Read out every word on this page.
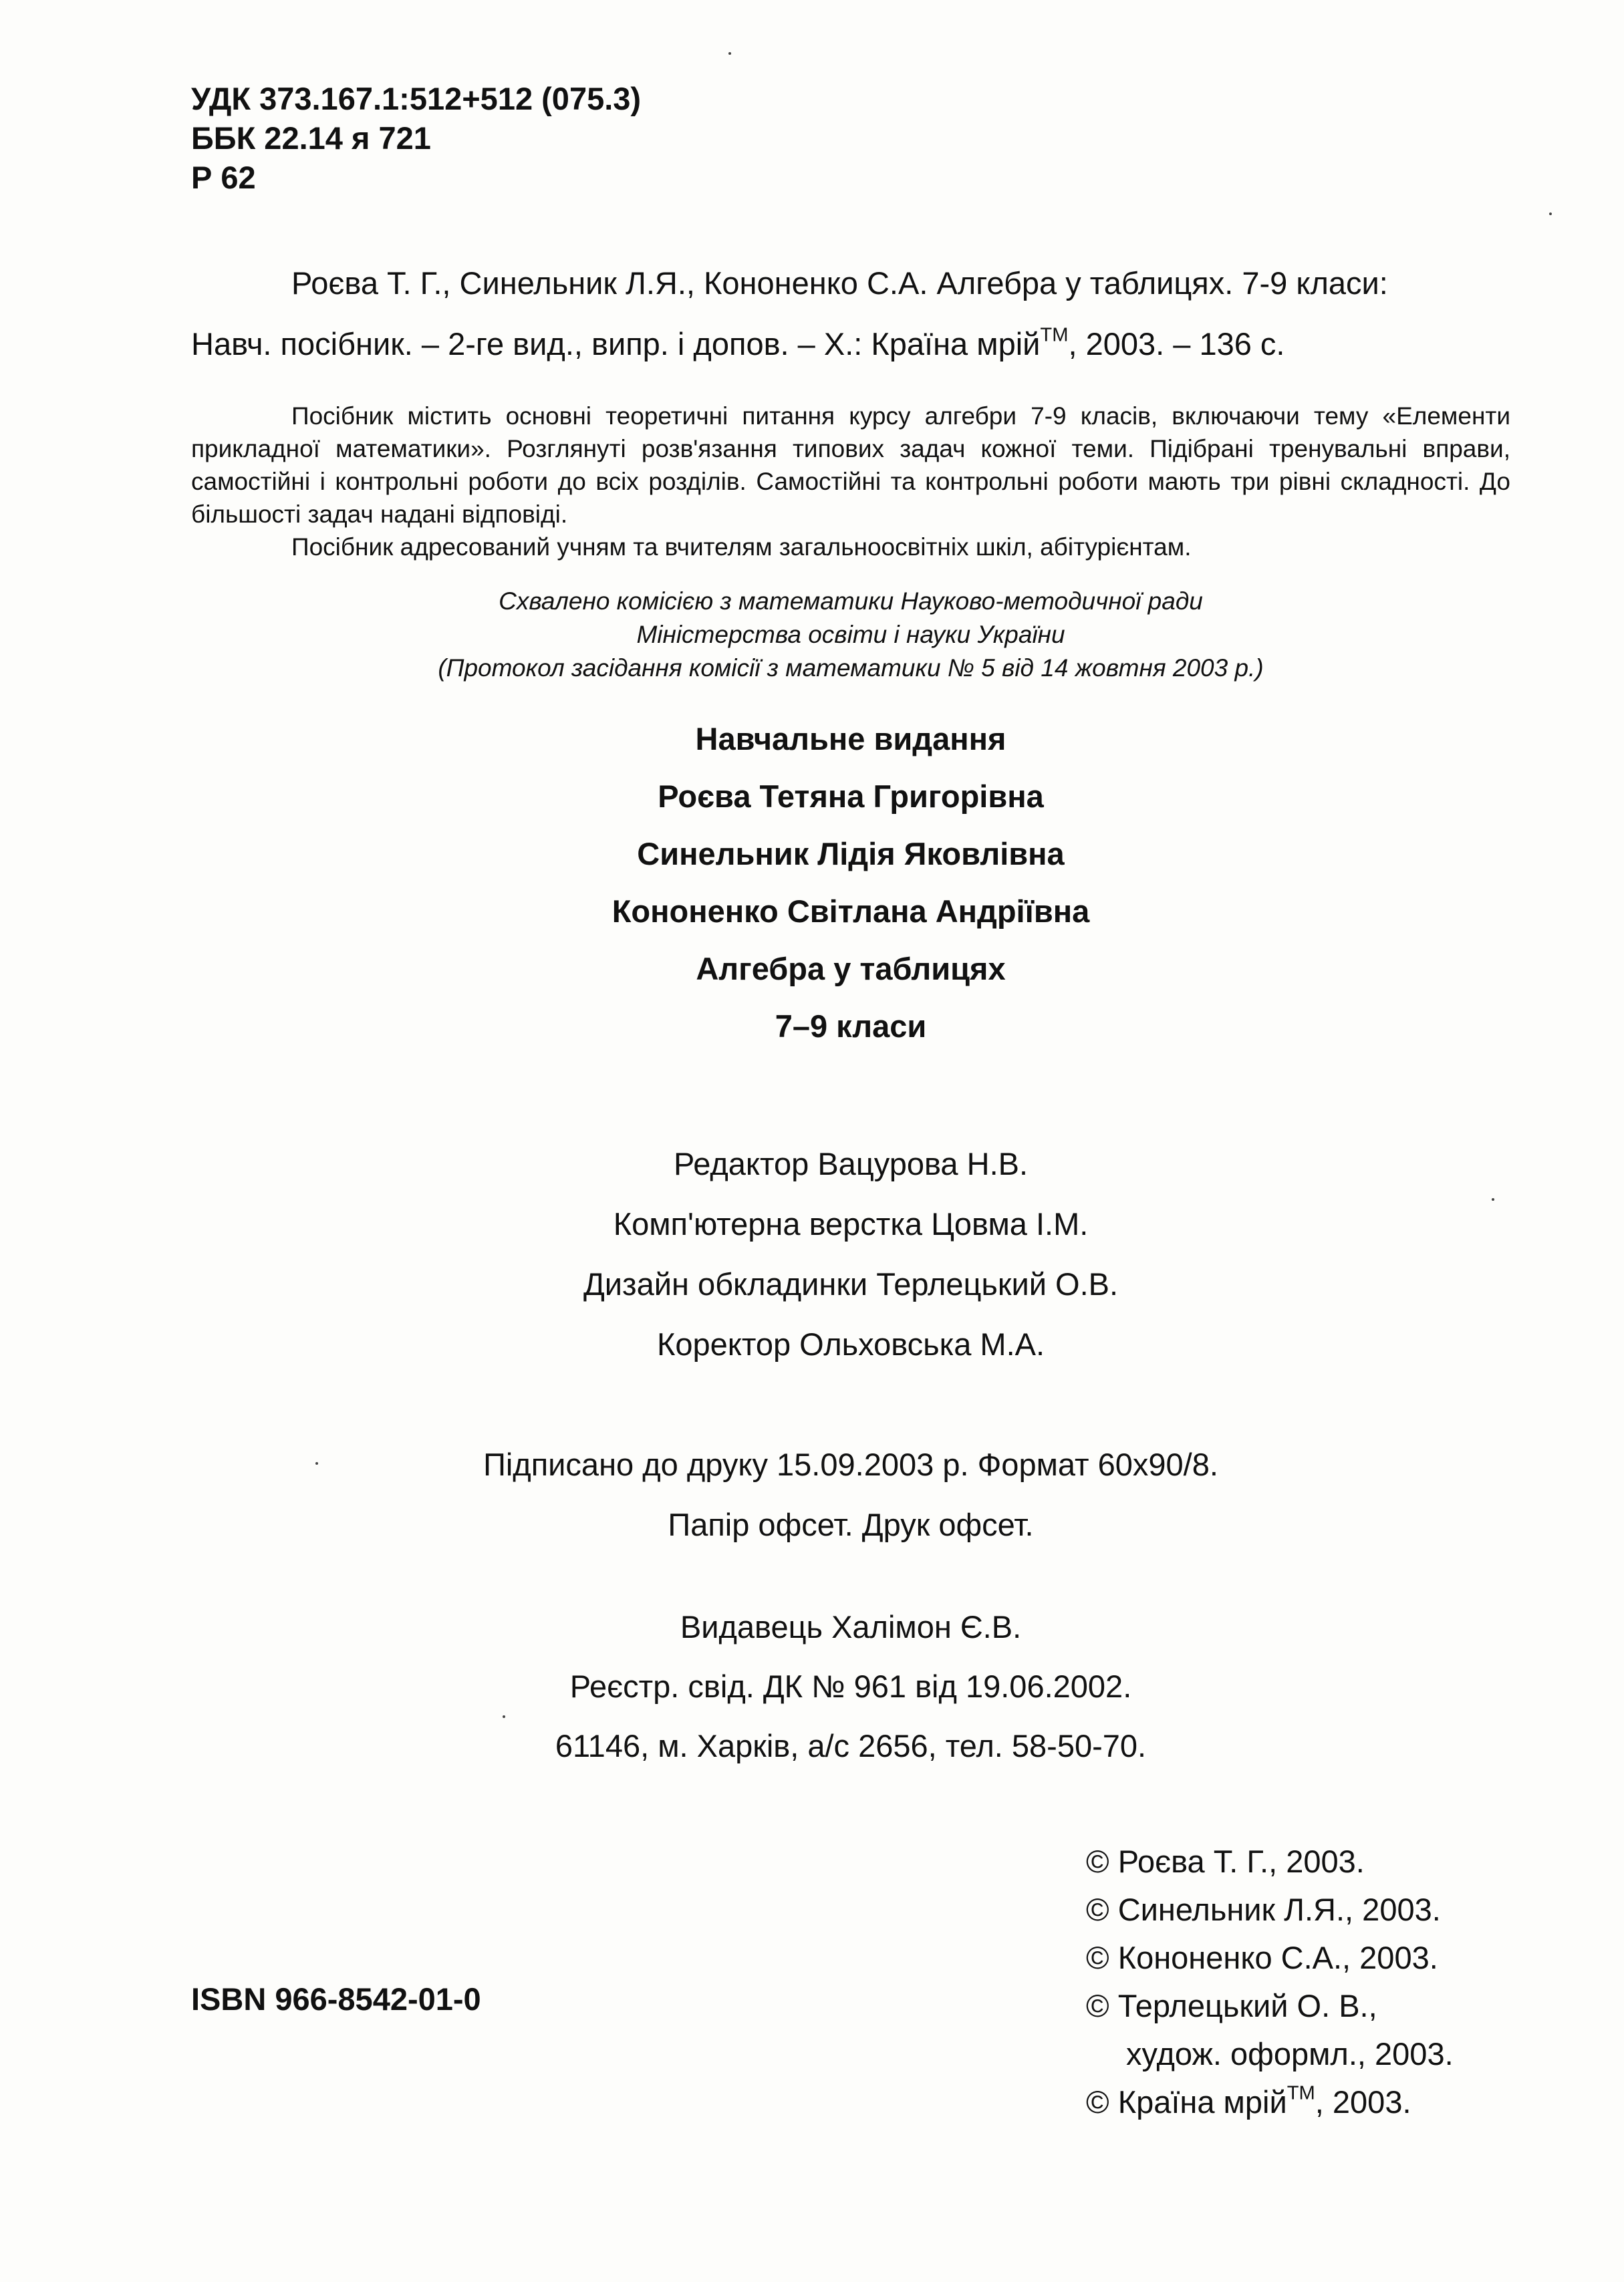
УДК 373.167.1:512+512 (075.3)
ББК 22.14 я 721
Р 62
Роєва Т. Г., Синельник Л.Я., Кононенко С.А. Алгебра у таблицях. 7-9 класи:
Навч. посібник. – 2-ге вид., випр. і допов. – Х.: Країна мрій™, 2003. – 136 с.

Посібник містить основні теоретичні питання курсу алгебри 7-9 класів, включаючи тему «Елементи прикладної математики». Розглянуті розв'язання типових задач кожної теми. Підібрані тренувальні вправи, самостійні і контрольні роботи до всіх розділів. Самостійні та контрольні роботи мають три рівні складності. До більшості задач надані відповіді.

Посібник адресований учням та вчителям загальноосвітніх шкіл, абітурієнтам.

Схвалено комісією з математики Науково-методичної ради
Міністерства освіти і науки України
(Протокол засідання комісії з математики № 5 від 14 жовтня 2003 р.)
Навчальне видання
Роєва Тетяна Григорівна
Синельник Лідія Яковлівна
Кононенко Світлана Андріївна
Алгебра у таблицях
7–9 класи
Редактор Вацурова Н.В.
Комп'ютерна верстка Цовма І.М.
Дизайн обкладинки Терлецький О.В.
Коректор Ольховська М.А.
Підписано до друку 15.09.2003 р. Формат 60х90/8.
Папір офсет. Друк офсет.
Видавець Халімон Є.В.
Реєстр. свід. ДК № 961 від 19.06.2002.
61146, м. Харків, а/с 2656, тел. 58-50-70.
ISBN 966-8542-01-0
© Роєва Т. Г., 2003.
© Синельник Л.Я., 2003.
© Кононенко С.А., 2003.
© Терлецький О. В.,
худож. оформл., 2003.
© Країна мрій™, 2003.
